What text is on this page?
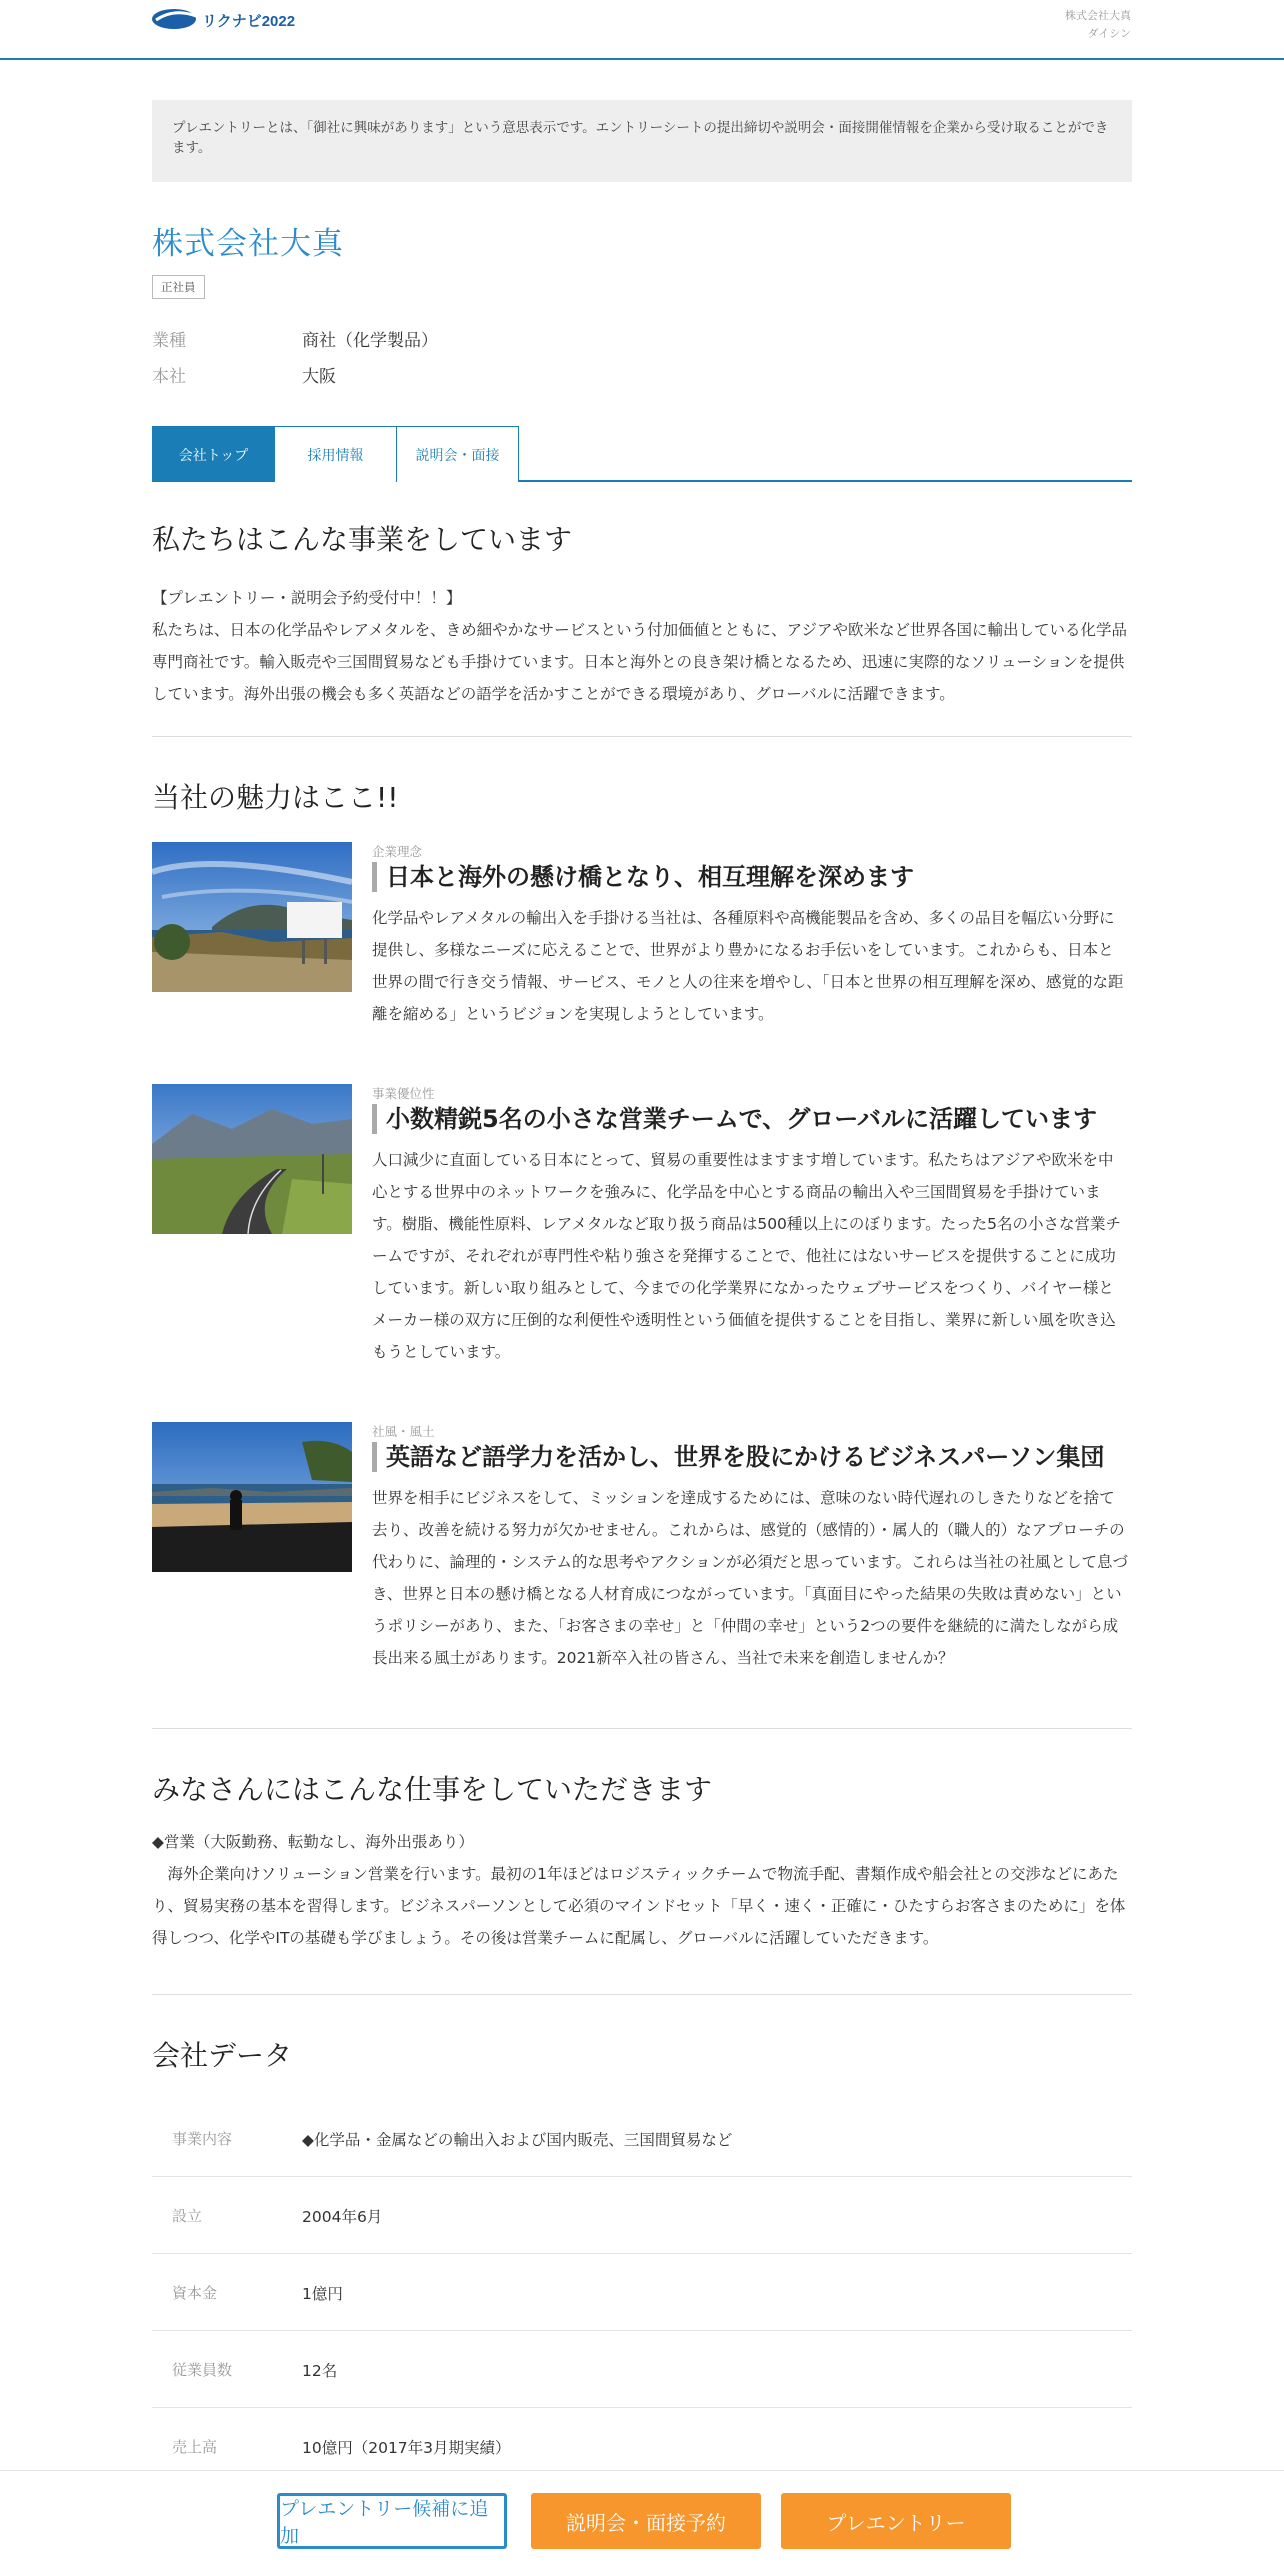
リクナビ2022	株式会社大真
ダイシン
プレエントリーとは、「御社に興味があります」という意思表示です。エントリーシートの提出締切や説明会・面接開催情報を企業から受け取ることができます。
株式会社大真
正社員
業種	商社（化学製品）
本社	大阪
会社トップ	採用情報	説明会・面接
私たちはこんな事業をしています
【プレエントリー・説明会予約受付中！！】
私たちは、日本の化学品やレアメタルを、きめ細やかなサービスという付加価値とともに、アジアや欧米など世界各国に輸出している化学品専門商社です。輸入販売や三国間貿易なども手掛けています。日本と海外との良き架け橋となるため、迅速に実際的なソリューションを提供しています。海外出張の機会も多く英語などの語学を活かすことができる環境があり、グローバルに活躍できます。
当社の魅力はここ!!
企業理念
日本と海外の懸け橋となり、相互理解を深めます

化学品やレアメタルの輸出入を手掛ける当社は、各種原料や高機能製品を含め、多くの品目を幅広い分野に提供し、多様なニーズに応えることで、世界がより豊かになるお手伝いをしています。これからも、日本と世界の間で行き交う情報、サービス、モノと人の往来を増やし、「日本と世界の相互理解を深め、感覚的な距離を縮める」というビジョンを実現しようとしています。

事業優位性
小数精鋭5名の小さな営業チームで、グローバルに活躍しています

人口減少に直面している日本にとって、貿易の重要性はますます増しています。私たちはアジアや欧米を中心とする世界中のネットワークを強みに、化学品を中心とする商品の輸出入や三国間貿易を手掛けています。樹脂、機能性原料、レアメタルなど取り扱う商品は500種以上にのぼります。たった5名の小さな営業チームですが、それぞれが専門性や粘り強さを発揮することで、他社にはないサービスを提供することに成功しています。新しい取り組みとして、今までの化学業界になかったウェブサービスをつくり、バイヤー様とメーカー様の双方に圧倒的な利便性や透明性という価値を提供することを目指し、業界に新しい風を吹き込もうとしています。

社風・風土
英語など語学力を活かし、世界を股にかけるビジネスパーソン集団

世界を相手にビジネスをして、ミッションを達成するためには、意味のない時代遅れのしきたりなどを捨て去り、改善を続ける努力が欠かせません。これからは、感覚的（感情的）・属人的（職人的）なアプローチの代わりに、論理的・システム的な思考やアクションが必須だと思っています。これらは当社の社風として息づき、世界と日本の懸け橋となる人材育成につながっています。「真面目にやった結果の失敗は責めない」というポリシーがあり、また、「お客さまの幸せ」と「仲間の幸せ」という2つの要件を継続的に満たしながら成長出来る風土があります。2021新卒入社の皆さん、当社で未来を創造しませんか？

みなさんにはこんな仕事をしていただきます
◆営業（大阪勤務、転勤なし、海外出張あり）
　海外企業向けソリューション営業を行います。最初の1年ほどはロジスティックチームで物流手配、書類作成や船会社との交渉などにあたり、貿易実務の基本を習得します。ビジネスパーソンとして必須のマインドセット「早く・速く・正確に・ひたすらお客さまのために」を体得しつつ、化学やITの基礎も学びましょう。その後は営業チームに配属し、グローバルに活躍していただきます。
会社データ
事業内容	◆化学品・金属などの輸出入および国内販売、三国間貿易など
設立	2004年6月
資本金	1億円
従業員数	12名
売上高	10億円（2017年3月期実績）
プレエントリー候補に追加
説明会・面接予約	プレエントリー
